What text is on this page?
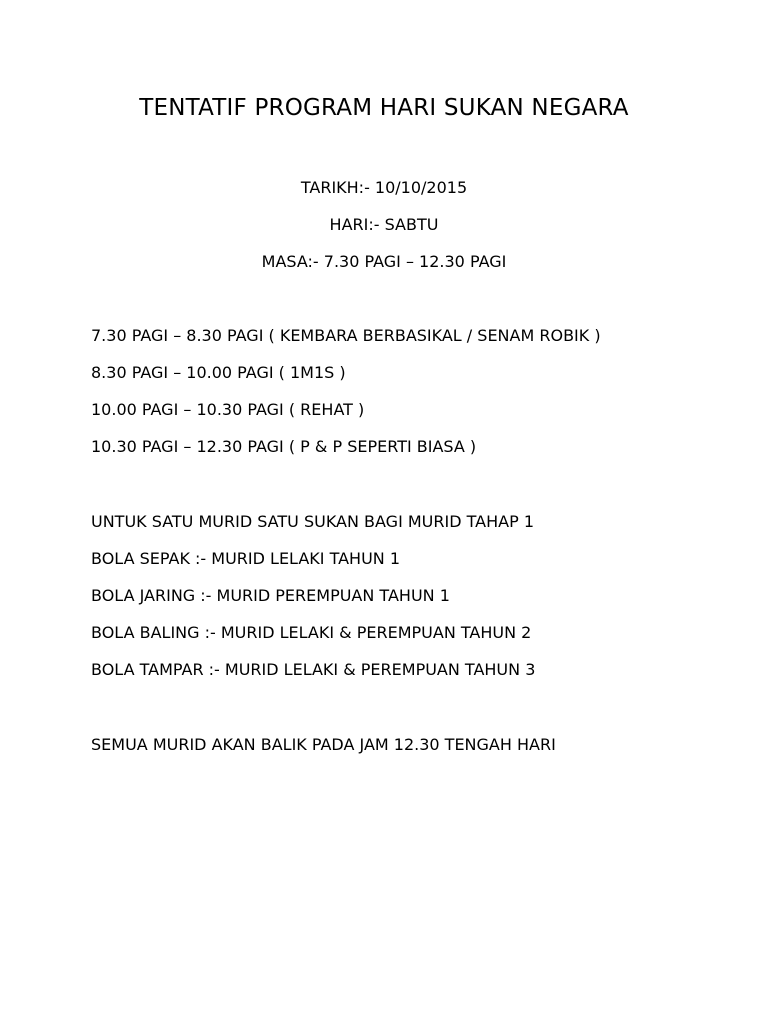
TENTATIF PROGRAM HARI SUKAN NEGARA
TARIKH:- 10/10/2015
HARI:- SABTU
MASA:- 7.30 PAGI – 12.30 PAGI
7.30 PAGI – 8.30 PAGI ( KEMBARA BERBASIKAL / SENAM ROBIK )
8.30 PAGI – 10.00 PAGI ( 1M1S )
10.00 PAGI – 10.30 PAGI ( REHAT )
10.30 PAGI – 12.30 PAGI ( P & P SEPERTI BIASA )
UNTUK SATU MURID SATU SUKAN BAGI MURID TAHAP 1
BOLA SEPAK :- MURID LELAKI TAHUN 1
BOLA JARING :- MURID PEREMPUAN TAHUN 1
BOLA BALING :- MURID LELAKI & PEREMPUAN TAHUN 2
BOLA TAMPAR :- MURID LELAKI & PEREMPUAN TAHUN 3
SEMUA MURID AKAN BALIK PADA JAM 12.30 TENGAH HARI
